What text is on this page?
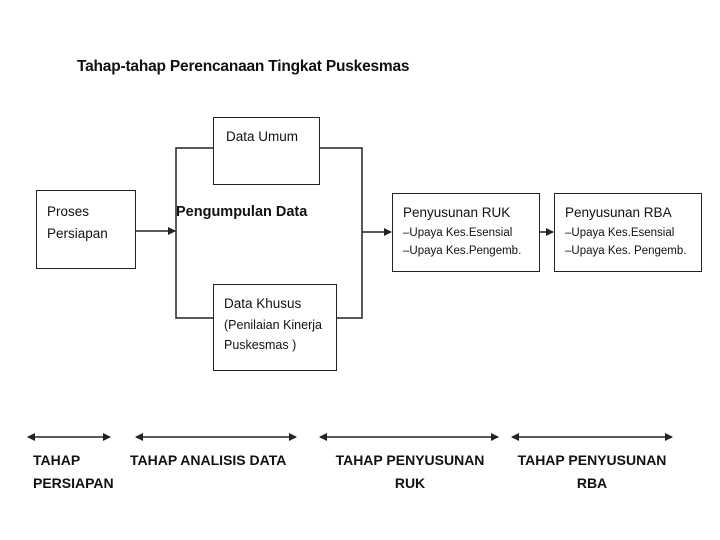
Tahap-tahap Perencanaan Tingkat Puskesmas
Proses
Persiapan
Data Umum
Pengumpulan Data
Data Khusus
(Penilaian Kinerja
Puskesmas )
Penyusunan RUK
–Upaya Kes.Esensial
–Upaya Kes.Pengemb.
Penyusunan RBA
–Upaya Kes.Esensial
–Upaya Kes. Pengemb.
TAHAP
PERSIAPAN
TAHAP ANALISIS DATA	TAHAP PENYUSUNAN
RUK
TAHAP PENYUSUNAN
RBA
